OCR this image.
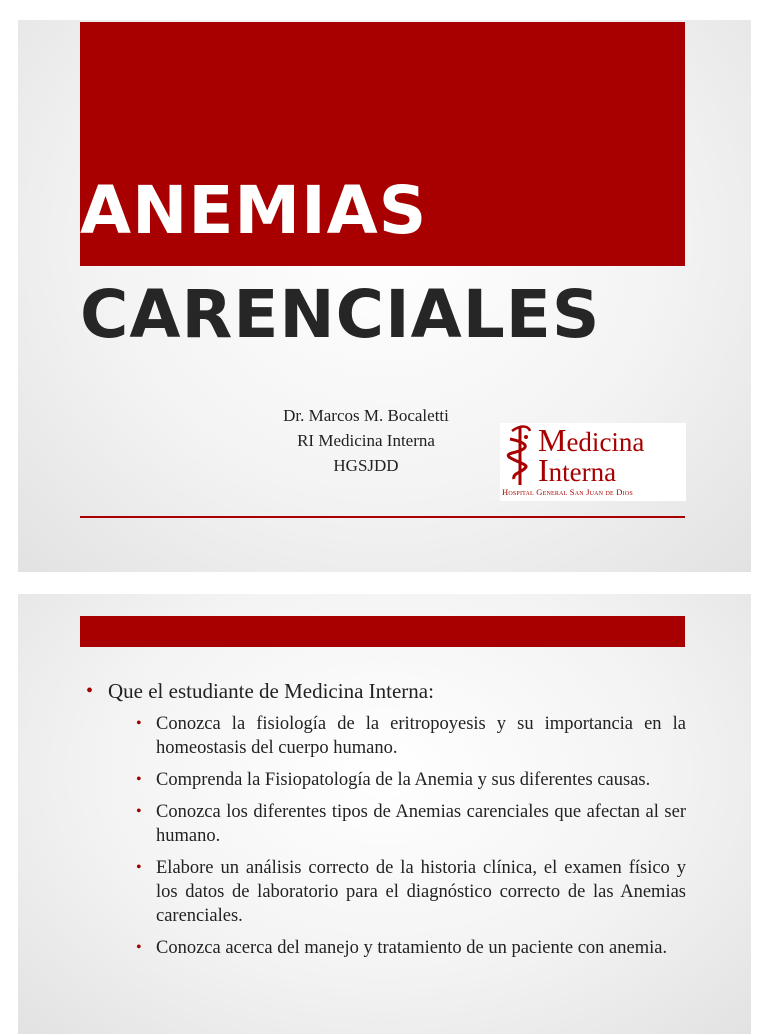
ANEMIAS
CARENCIALES
Dr. Marcos M. Bocaletti
RI Medicina Interna
HGSJDD
Medicina
Interna
Hospital General San Juan de Dios
• Que el estudiante de Medicina Interna:
• Conozca la fisiología de la eritropoyesis y su importancia en la homeostasis del cuerpo humano.
• Comprenda la Fisiopatología de la Anemia y sus diferentes causas.
• Conozca los diferentes tipos de Anemias carenciales que afectan al ser humano.
• Elabore un análisis correcto de la historia clínica, el examen físico y los datos de laboratorio para el diagnóstico correcto de las Anemias carenciales.
• Conozca acerca del manejo y tratamiento de un paciente con anemia.
